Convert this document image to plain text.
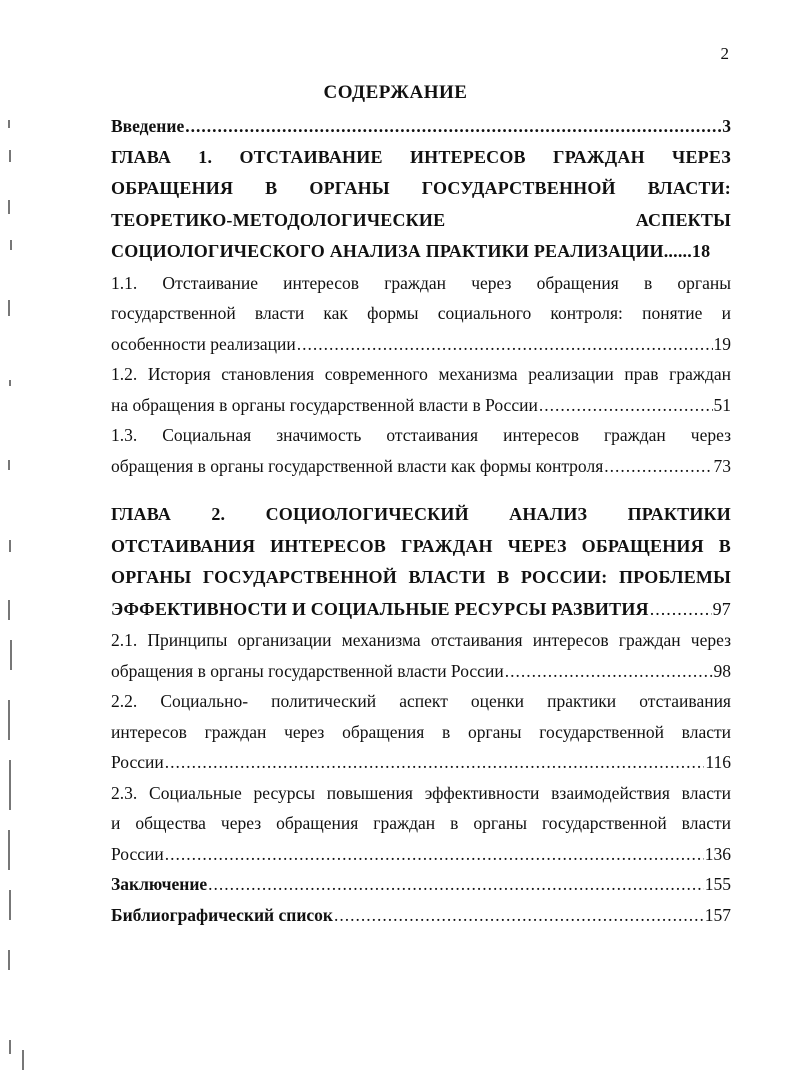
2
СОДЕРЖАНИЕ
Введение .....	3
ГЛАВА 1. ОТСТАИВАНИЕ ИНТЕРЕСОВ ГРАЖДАН ЧЕРЕЗ
ОБРАЩЕНИЯ В ОРГАНЫ ГОСУДАРСТВЕННОЙ ВЛАСТИ:
ТЕОРЕТИКО-МЕТОДОЛОГИЧЕСКИЕ АСПЕКТЫ
СОЦИОЛОГИЧЕСКОГО АНАЛИЗА ПРАКТИКИ РЕАЛИЗАЦИИ......18
1.1. Отстаивание интересов граждан через обращения в органы
государственной власти как формы социального контроля: понятие и
особенности реализации .....	19
1.2. История становления современного механизма реализации прав граждан
на обращения в органы государственной власти в России .....	51
1.3. Социальная значимость отстаивания интересов граждан через
обращения в органы государственной власти как формы контроля .....	73
ГЛАВА 2. СОЦИОЛОГИЧЕСКИЙ АНАЛИЗ ПРАКТИКИ
ОТСТАИВАНИЯ ИНТЕРЕСОВ ГРАЖДАН ЧЕРЕЗ ОБРАЩЕНИЯ В
ОРГАНЫ ГОСУДАРСТВЕННОЙ ВЛАСТИ В РОССИИ: ПРОБЛЕМЫ
ЭФФЕКТИВНОСТИ И СОЦИАЛЬНЫЕ РЕСУРСЫ РАЗВИТИЯ .....	97
2.1. Принципы организации механизма отстаивания интересов граждан через
обращения в органы государственной власти России .....	98
2.2. Социально- политический аспект оценки практики отстаивания
интересов граждан через обращения в органы государственной власти
России .....	116
2.3. Социальные ресурсы повышения эффективности взаимодействия власти
и общества через обращения граждан в органы государственной власти
России .....	136
Заключение .....	155
Библиографический список .....	157
